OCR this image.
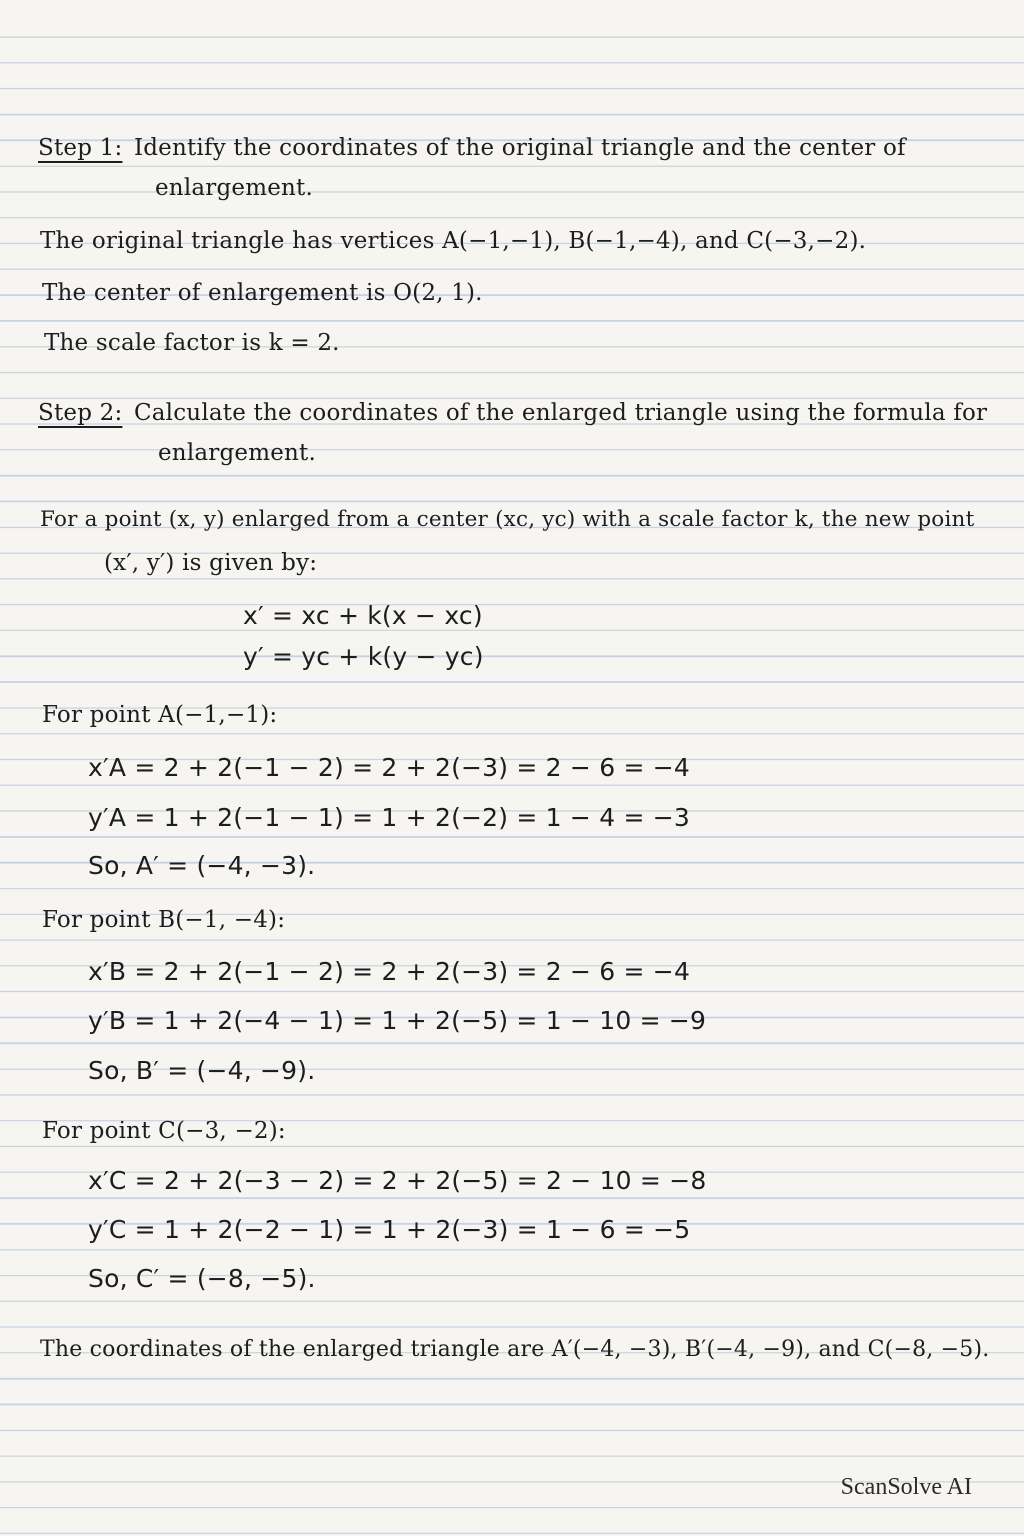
Step 1: Identify the coordinates of the original triangle and the center of
enlargement.
The original triangle has vertices A(−1,−1), B(−1,−4), and C(−3,−2).
The center of enlargement is O(2, 1).
The scale factor is k = 2.
Step 2: Calculate the coordinates of the enlarged triangle using the formula for
enlargement.
For a point (x, y) enlarged from a center (xc, yc) with a scale factor k, the new point
(x′, y′) is given by:
x′ = xc + k(x − xc)
y′ = yc + k(y − yc)
For point A(−1,−1):
x′A = 2 + 2(−1 − 2) = 2 + 2(−3) = 2 − 6 = −4
y′A = 1 + 2(−1 − 1) = 1 + 2(−2) = 1 − 4 = −3
So, A′ = (−4, −3).
For point B(−1, −4):
x′B = 2 + 2(−1 − 2) = 2 + 2(−3) = 2 − 6 = −4
y′B = 1 + 2(−4 − 1) = 1 + 2(−5) = 1 − 10 = −9
So, B′ = (−4, −9).
For point C(−3, −2):
x′C = 2 + 2(−3 − 2) = 2 + 2(−5) = 2 − 10 = −8
y′C = 1 + 2(−2 − 1) = 1 + 2(−3) = 1 − 6 = −5
So, C′ = (−8, −5).
The coordinates of the enlarged triangle are A′(−4, −3), B′(−4, −9), and C(−8, −5).
ScanSolve AI
